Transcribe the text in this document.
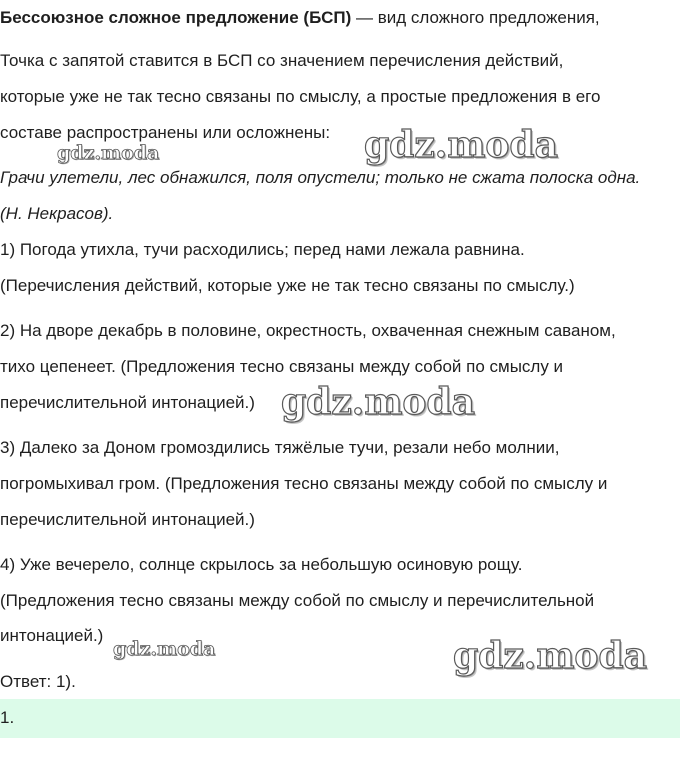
Бессоюзное сложное предложение (БСП) — вид сложного предложения,
Точка с запятой ставится в БСП со значением перечисления действий,
которые уже не так тесно связаны по смыслу, а простые предложения в его
составе распространены или осложнены:
Грачи улетели, лес обнажился, поля опустели; только не сжата полоска одна.
(Н. Некрасов).
1) Погода утихла, тучи расходились; перед нами лежала равнина.
(Перечисления действий, которые уже не так тесно связаны по смыслу.)
2) На дворе декабрь в половине, окрестность, охваченная снежным саваном,
тихо цепенеет. (Предложения тесно связаны между собой по смыслу и
перечислительной интонацией.)
3) Далеко за Доном громоздились тяжёлые тучи, резали небо молнии,
погромыхивал гром. (Предложения тесно связаны между собой по смыслу и
перечислительной интонацией.)
4) Уже вечерело, солнце скрылось за небольшую осиновую рощу.
(Предложения тесно связаны между собой по смыслу и перечислительной
интонацией.)
Ответ: 1).
1.
gdz.moda	gdz.moda
gdz.moda
gdz.moda	gdz.moda
